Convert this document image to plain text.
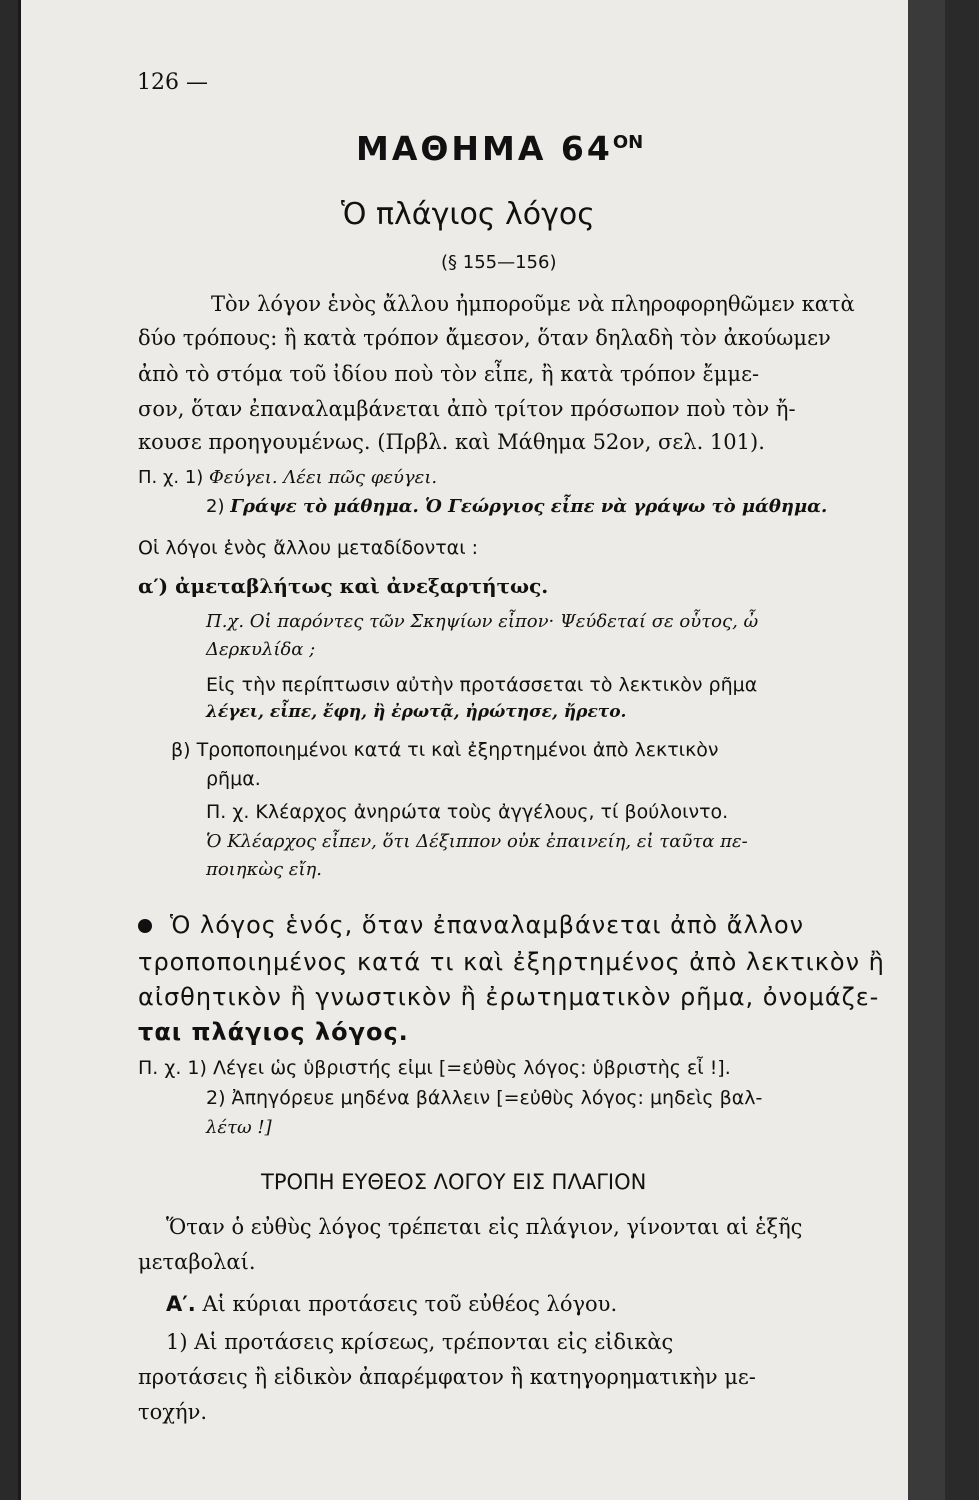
126 —
ΜΑΘΗΜΑ $64^{ON}$
Ὁ πλάγιος λόγος
(§ 155—156)
Τὸν λόγον ἑνὸς ἄλλου ἠμποροῦμε νὰ πληροφορηθῶμεν κατὰ
δύο τρόπους: ἢ κατὰ τρόπον ἄμεσον, ὅταν δηλαδὴ τὸν ἀκούωμεν
ἀπὸ τὸ στόμα τοῦ ἰδίου ποὺ τὸν εἶπε, ἢ κατὰ τρόπον ἔμμε-
σον, ὅταν ἐπαναλαμβάνεται ἀπὸ τρίτον πρόσωπον ποὺ τὸν ἤ-
κουσε προηγουμένως. (Πρβλ. καὶ Μάθημα 52ον, σελ. 101).
Π. χ. 1) Φεύγει. Λέει πῶς φεύγει.
2) Γράψε τὸ μάθημα. Ὁ Γεώργιος εἶπε νὰ γράψω τὸ μάθημα.
Οἱ λόγοι ἑνὸς ἄλλου μεταδίδονται :
α′) ἀμεταβλήτως καὶ ἀνεξαρτήτως.
Π.χ. Οἱ παρόντες τῶν Σκηψίων εἶπον· Ψεύδεταί σε οὗτος, ὦ
Δερκυλίδα ;
Εἰς τὴν περίπτωσιν αὐτὴν προτάσσεται τὸ λεκτικὸν ρῆμα
λέγει, εἶπε, ἔφη, ἢ ἐρωτᾷ, ἠρώτησε, ἤρετο.
β) Τροποποιημένοι κατά τι καὶ ἐξηρτημένοι ἀπὸ λεκτικὸν
ρῆμα.
Π. χ. Κλέαρχος ἀνηρώτα τοὺς ἀγγέλους, τί βούλοιντο.
Ὁ Κλέαρχος εἶπεν, ὅτι Δέξιππον οὐκ ἐπαινείη, εἰ ταῦτα πε-
ποιηκὼς εἴη.
Ὁ λόγος ἑνός, ὅταν ἐπαναλαμβάνεται ἀπὸ ἄλλον
τροποποιημένος κατά τι καὶ ἐξηρτημένος ἀπὸ λεκτικὸν ἢ
αἰσθητικὸν ἢ γνωστικὸν ἢ ἐρωτηματικὸν ρῆμα, ὀνομάζε-
ται πλάγιος λόγος.
Π. χ. 1) Λέγει ὡς ὑβριστής εἰμι [=εὐθὺς λόγος: ὑβριστὴς εἶ !].
2) Ἀπηγόρευε μηδένα βάλλειν [=εὐθὺς λόγος: μηδεὶς βαλ-
λέτω !]
ΤΡΟΠΗ ΕΥΘΕΟΣ ΛΟΓΟΥ ΕΙΣ ΠΛΑΓΙΟΝ
Ὅταν ὁ εὐθὺς λόγος τρέπεται εἰς πλάγιον, γίνονται αἱ ἑξῆς
μεταβολαί.
Α′. Αἱ κύριαι προτάσεις τοῦ εὐθέος λόγου.
1) Αἱ προτάσεις κρίσεως, τρέπονται εἰς εἰδικὰς
προτάσεις ἢ εἰδικὸν ἀπαρέμφατον ἢ κατηγορηματικὴν με-
τοχήν.
